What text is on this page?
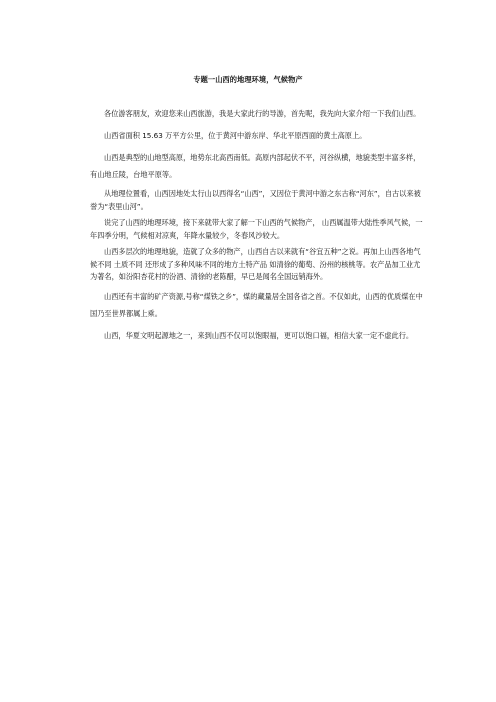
专题一山西的地理环境，气候物产

各位游客朋友，欢迎您来山西旅游，我是大家此行的导游，首先呢，我先向大家介绍一下我们山西。

山西省面积 15.63 万平方公里，位于黄河中游东岸、华北平原西面的黄土高原上。

山西是典型的山地型高原，地势东北高西南低。高原内部起伏不平，河谷纵横，地貌类型丰富多样，有山地丘陵，台地平原等。

从地理位置看，山西因地处太行山以西得名“山西”，又因位于黄河中游之东古称“河东”，自古以来被誉为“表里山河”。

说完了山西的地理环境，接下来就带大家了解一下山西的气候物产， 山西属温带大陆性季风气候，一年四季分明，气候相对凉爽，年降水量较少，冬春风沙较大。

山西多层次的地理地貌，造就了众多的物产，山西自古以来就有“谷宜五种”之说。再加上山西各地气候不同 土质不同 还形成了多种风味不同的地方土特产品 如清徐的葡萄、汾州的核桃等。农产品加工业尤为著名，如汾阳杏花村的汾酒、清徐的老陈醋，早已是闻名全国远销海外。

山西还有丰富的矿产资源,号称“煤铁之乡”，煤的藏量居全国各省之首。不仅如此，山西的优质煤在中国乃至世界都属上乘。

山西，华夏文明起源地之一，来到山西不仅可以饱眼福，更可以饱口福，相信大家一定不虚此行。
